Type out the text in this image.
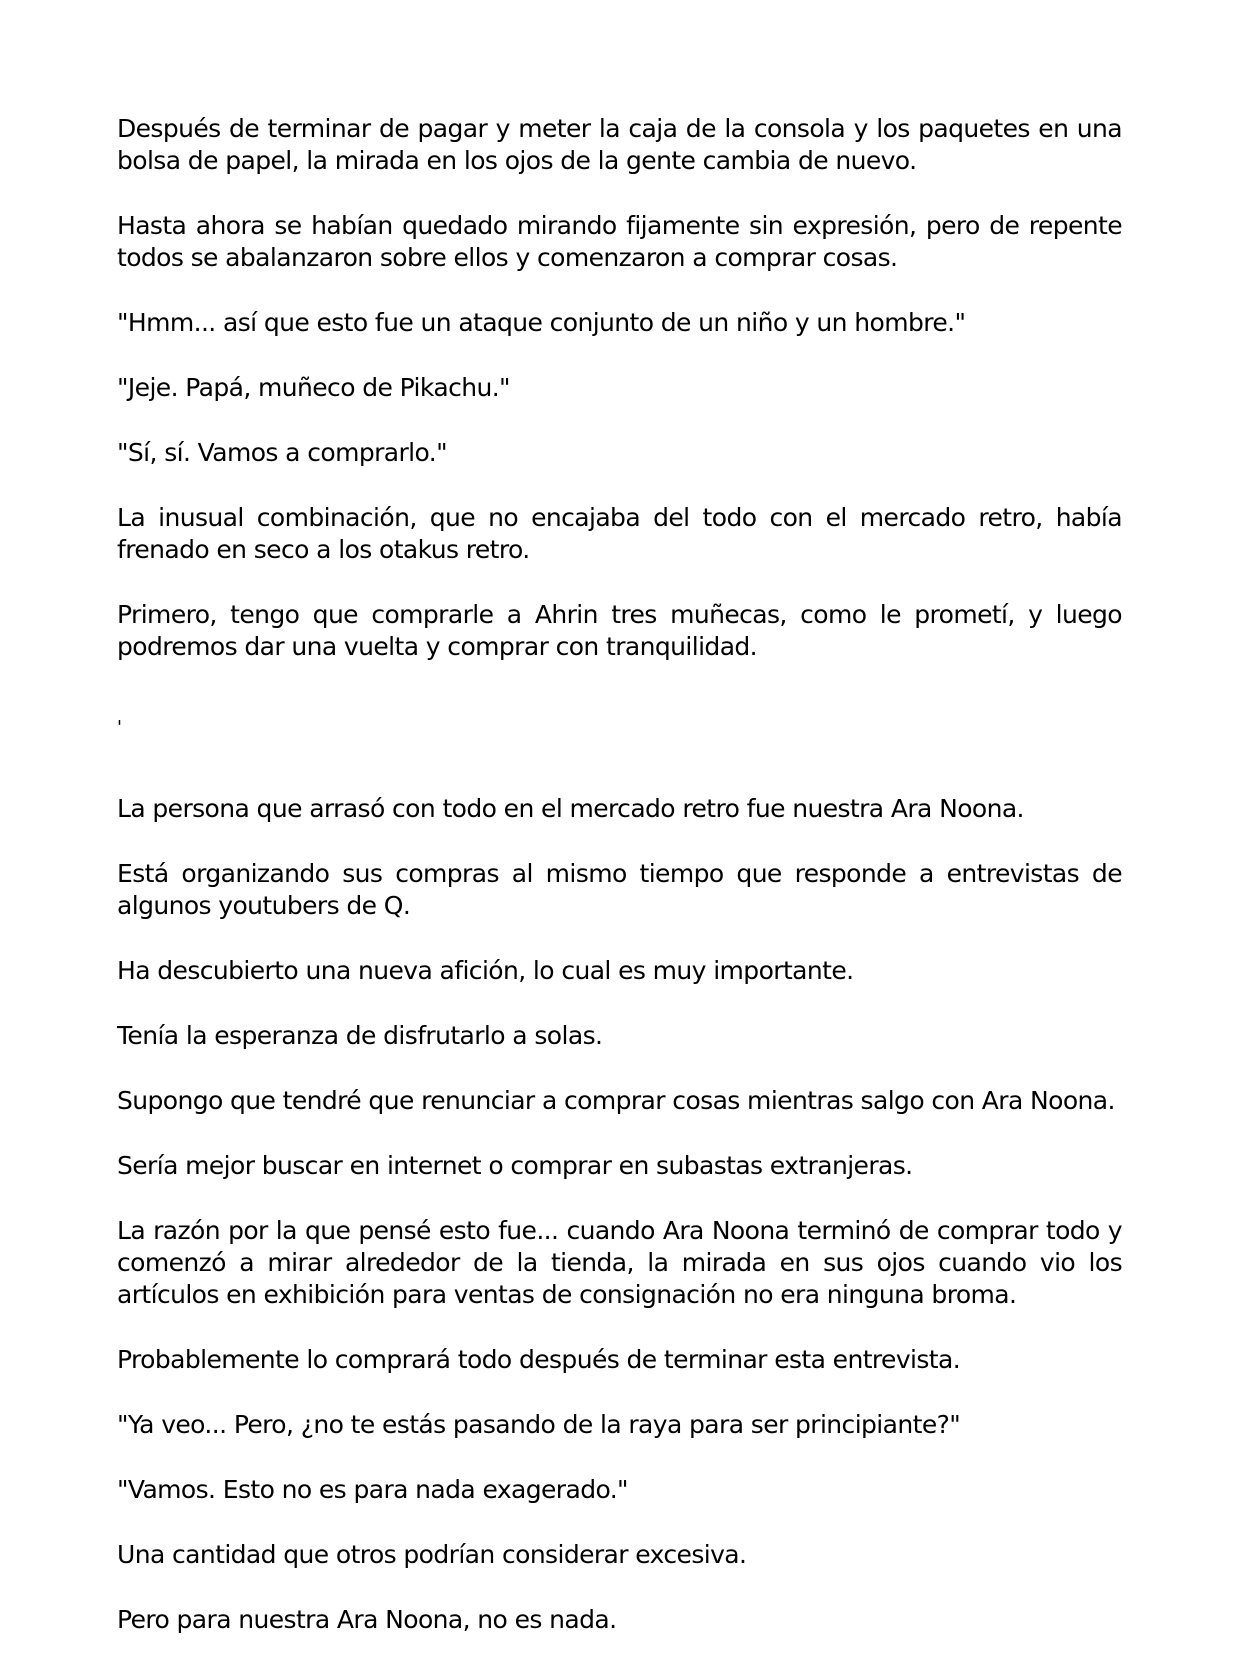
Después de terminar de pagar y meter la caja de la consola y los paquetes en una bolsa de papel, la mirada en los ojos de la gente cambia de nuevo.

Hasta ahora se habían quedado mirando fijamente sin expresión, pero de repente todos se abalanzaron sobre ellos y comenzaron a comprar cosas.

"Hmm... así que esto fue un ataque conjunto de un niño y un hombre."

"Jeje. Papá, muñeco de Pikachu."

"Sí, sí. Vamos a comprarlo."

La inusual combinación, que no encajaba del todo con el mercado retro, había frenado en seco a los otakus retro.

Primero, tengo que comprarle a Ahrin tres muñecas, como le prometí, y luego podremos dar una vuelta y comprar con tranquilidad.

'

La persona que arrasó con todo en el mercado retro fue nuestra Ara Noona.

Está organizando sus compras al mismo tiempo que responde a entrevistas de algunos youtubers de Q.

Ha descubierto una nueva afición, lo cual es muy importante.

Tenía la esperanza de disfrutarlo a solas.

Supongo que tendré que renunciar a comprar cosas mientras salgo con Ara Noona.

Sería mejor buscar en internet o comprar en subastas extranjeras.

La razón por la que pensé esto fue... cuando Ara Noona terminó de comprar todo y comenzó a mirar alrededor de la tienda, la mirada en sus ojos cuando vio los artículos en exhibición para ventas de consignación no era ninguna broma.

Probablemente lo comprará todo después de terminar esta entrevista.

"Ya veo... Pero, ¿no te estás pasando de la raya para ser principiante?"

"Vamos. Esto no es para nada exagerado."

Una cantidad que otros podrían considerar excesiva.

Pero para nuestra Ara Noona, no es nada.
